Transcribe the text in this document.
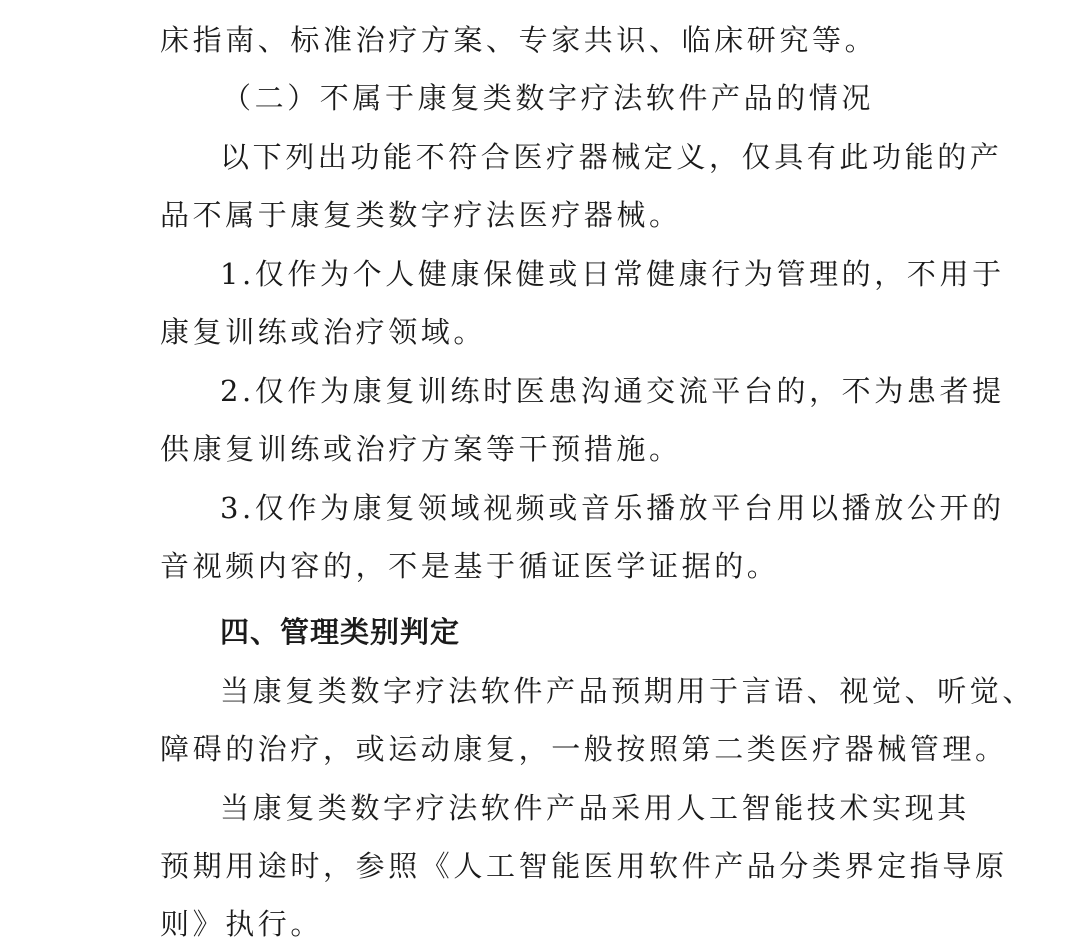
床指南、标准治疗方案、专家共识、临床研究等。
（二）不属于康复类数字疗法软件产品的情况
以下列出功能不符合医疗器械定义，仅具有此功能的产
品不属于康复类数字疗法医疗器械。
1.仅作为个人健康保健或日常健康行为管理的，不用于
康复训练或治疗领域。
2.仅作为康复训练时医患沟通交流平台的，不为患者提
供康复训练或治疗方案等干预措施。
3.仅作为康复领域视频或音乐播放平台用以播放公开的
音视频内容的，不是基于循证医学证据的。
四、管理类别判定
当康复类数字疗法软件产品预期用于言语、视觉、听觉、
障碍的治疗，或运动康复，一般按照第二类医疗器械管理。
当康复类数字疗法软件产品采用人工智能技术实现其
预期用途时，参照《人工智能医用软件产品分类界定指导原
则》执行。
